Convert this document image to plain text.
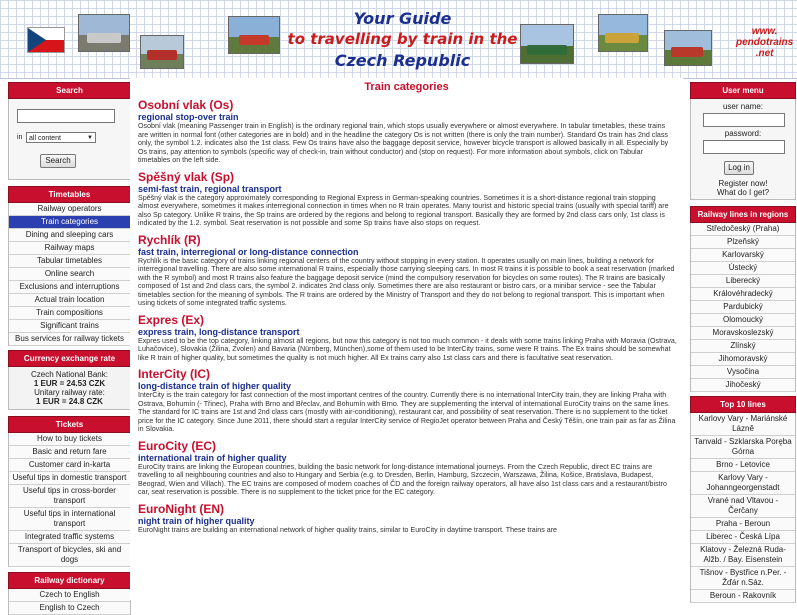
Your Guide
to travelling by train in the
Czech Republic
www.
pendotrains
.net
Search
in all content	▼
Search
Timetables
Railway operators
Train categories
Dining and sleeping cars
Railway maps
Tabular timetables
Online search
Exclusions and interruptions
Actual train location
Train compositions
Significant trains
Bus services for railway tickets
Currency exchange rate
Czech National Bank:
1 EUR = 24.53 CZK
Unitary railway rate:
1 EUR = 24.8 CZK
Tickets
How to buy tickets
Basic and return fare
Customer card in-karta
Useful tips in domestic transport
Useful tips in cross-border transport
Useful tips in international transport
Integrated traffic systems
Transport of bicycles, ski and dogs
Railway dictionary
Czech to English
English to Czech
Train categories
Osobní vlak (Os)
regional stop-over train

Osobní vlak (meaning Passenger train in English) is the ordinary regional train, which stops usually everywhere or almost everywhere. In tabular timetables, these trains are written in normal font (other categories are in bold) and in the headline the category Os is not written (there is only the train number). Standard Os train has 2nd class only, the symbol 1.2. indicates also the 1st class. Few Os trains have also the baggage deposit service, however bicycle transport is allowed basically in all. Especially by Os trains, pay attention to symbols (specific way of check-in, train without conductor) and (stop on request). For more information about symbols, click on Tabular timetables on the left side.

Spěšný vlak (Sp)
semi-fast train, regional transport

Spěšný vlak is the category approximately corresponding to Regional Express in German-speaking countries. Sometimes it is a short-distance regional train stopping almost everywhere, sometimes it makes interregional connection in times when no R train operates. Many tourist and historic special trains (usually with special tariff) are also Sp category. Unlike R trains, the Sp trains are ordered by the regions and belong to regional transport. Basically they are formed by 2nd class cars only, 1st class is indicated by the 1.2. symbol. Seat reservation is not possible and some Sp trains have also stops on request.

Rychlík (R)
fast train, interregional or long-distance connection

Rychlík is the basic category of trains linking regional centers of the country without stopping in every station. It operates usually on main lines, building a network for interregional travelling. There are also some international R trains, especially those carrying sleeping cars. In most R trains it is possible to book a seat reservation (marked with the R symbol) and most R trains also feature the baggage deposit service (mind the compulsory reservation for bicycles on some routes). The R trains are basically composed of 1st and 2nd class cars, the symbol 2. indicates 2nd class only. Sometimes there are also restaurant or bistro cars, or a minibar service - see the Tabular timetables section for the meaning of symbols. The R trains are ordered by the Ministry of Transport and they do not belong to regional transport. This is important when using tickets of some integrated traffic systems.

Expres (Ex)
express train, long-distance transport

Expres used to be the top category, linking almost all regions, but now this category is not too much common - it deals with some trains linking Praha with Moravia (Ostrava, Luhačovice), Slovakia (Žilina, Zvolen) and Bavaria (Nürnberg, München),some of them used to be InterCity trains, some were R trains. The Ex trains should be somewhat like R train of higher quality, but sometimes the quality is not much higher. All Ex trains carry also 1st class cars and there is facultative seat reservation.

InterCity (IC)
long-distance train of higher quality

InterCity is the train category for fast connection of the most important centres of the country. Currently there is no international InterCity train, they are linking Praha with Ostrava, Bohumín (- Třinec), Praha with Brno and Břeclav, and Bohumín with Brno. They are supplementing the interval of international EuroCity trains on the same lines. The standard for IC trains are 1st and 2nd class cars (mostly with air-conditioning), restaurant car, and possibility of seat reservation. There is no supplement to the ticket price for the IC category. Since June 2011, there should start a regular InterCity service of RegioJet operator between Praha and Český Těšín, one train pair as far as Žilina in Slovakia.

EuroCity (EC)
international train of higher quality

EuroCity trains are linking the European countries, building the basic network for long-distance international journeys. From the Czech Republic, direct EC trains are travelling to all neighbouring countries and also to Hungary and Serbia (e.g. to Dresden, Berlin, Hamburg, Szczecin, Warszawa, Žilina, Košice, Bratislava, Budapest, Beograd, Wien and Villach). The EC trains are composed of modern coaches of ČD and the foreign railway operators, all have also 1st class cars and a restaurant/bistro car, seat reservation is possible. There is no supplement to the ticket price for the EC category.

EuroNight (EN)
night train of higher quality

EuroNight trains are building an international network of higher quality trains, similar to EuroCity in daytime transport. These trains are

User menu
user name:
password:
Log in
Register now!
What do I get?
Railway lines in regions
Středočeský (Praha)
Plzeňský
Karlovarský
Ústecký
Liberecký
Královéhradecký
Pardubický
Olomoucký
Moravskoslezský
Zlínský
Jihomoravský
Vysočina
Jihočeský
Top 10 lines
Karlovy Vary - Mariánské Lázně
Tanvald - Szklarska Poręba Górna
Brno - Letovice
Karlovy Vary - Johanngeorgenstadt
Vrané nad Vltavou - Čerčany
Praha - Beroun
Liberec - Česká Lípa
Klatovy - Železná Ruda-Alžb. / Bay. Eisenstein
Tišnov - Bystřice n.Per. - Žďár n.Sáz.
Beroun - Rakovník
